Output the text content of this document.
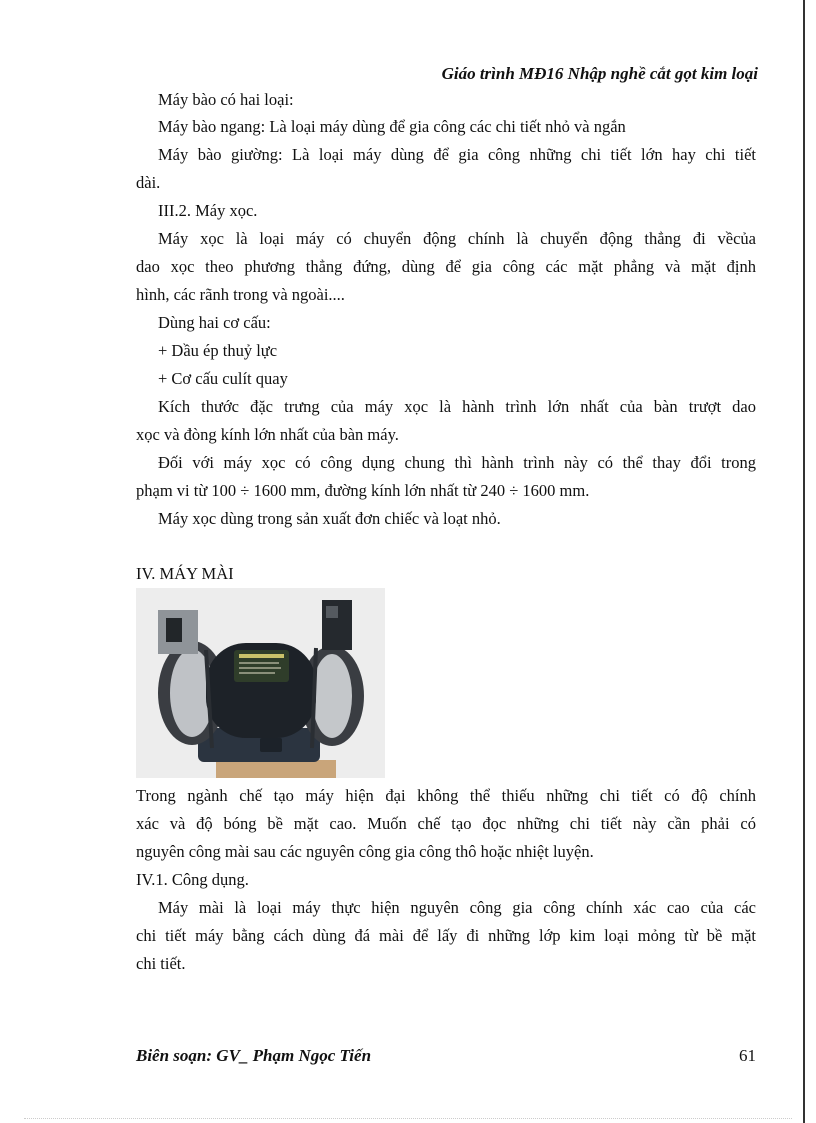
Giáo trình MĐ16 Nhập nghề cắt gọt kim loại
Máy bào có hai loại:
Máy bào ngang: Là loại máy dùng để gia công các chi tiết nhỏ và ngắn
Máy bào giường: Là loại máy dùng để gia công những chi tiết lớn hay chi tiết
dài.
III.2. Máy xọc.
Máy xọc là loại máy có chuyển động chính là chuyển động thẳng đi vềcủa
dao xọc theo phương thẳng đứng, dùng để gia công các mặt phẳng và mặt định
hình, các rãnh trong và ngoài....
Dùng hai cơ cấu:
+ Dầu ép thuỷ lực
+ Cơ cấu culít quay
Kích thước đặc trưng của máy xọc là hành trình lớn nhất của bàn trượt dao
xọc và đòng kính lớn nhất của bàn máy.
Đối với máy xọc có công dụng chung thì hành trình này có thể thay đổi trong
phạm vi từ 100 ÷ 1600 mm, đường kính lớn nhất từ 240 ÷ 1600 mm.
Máy xọc dùng trong sản xuất đơn chiếc và loạt nhỏ.
IV. MÁY MÀI
Trong ngành chế tạo máy hiện đại không thể thiếu những chi tiết có độ chính
xác và độ bóng bề mặt cao. Muốn chế tạo đọc những chi tiết này cần phải có
nguyên công mài sau các nguyên công gia công thô hoặc nhiệt luyện.
IV.1. Công dụng.
Máy mài là loại máy thực hiện nguyên công gia công chính xác cao của các
chi tiết máy bằng cách dùng đá mài để lấy đi những lớp kim loại mỏng từ bề mặt
chi tiết.
Biên soạn: GV_ Phạm Ngọc Tiến	61
